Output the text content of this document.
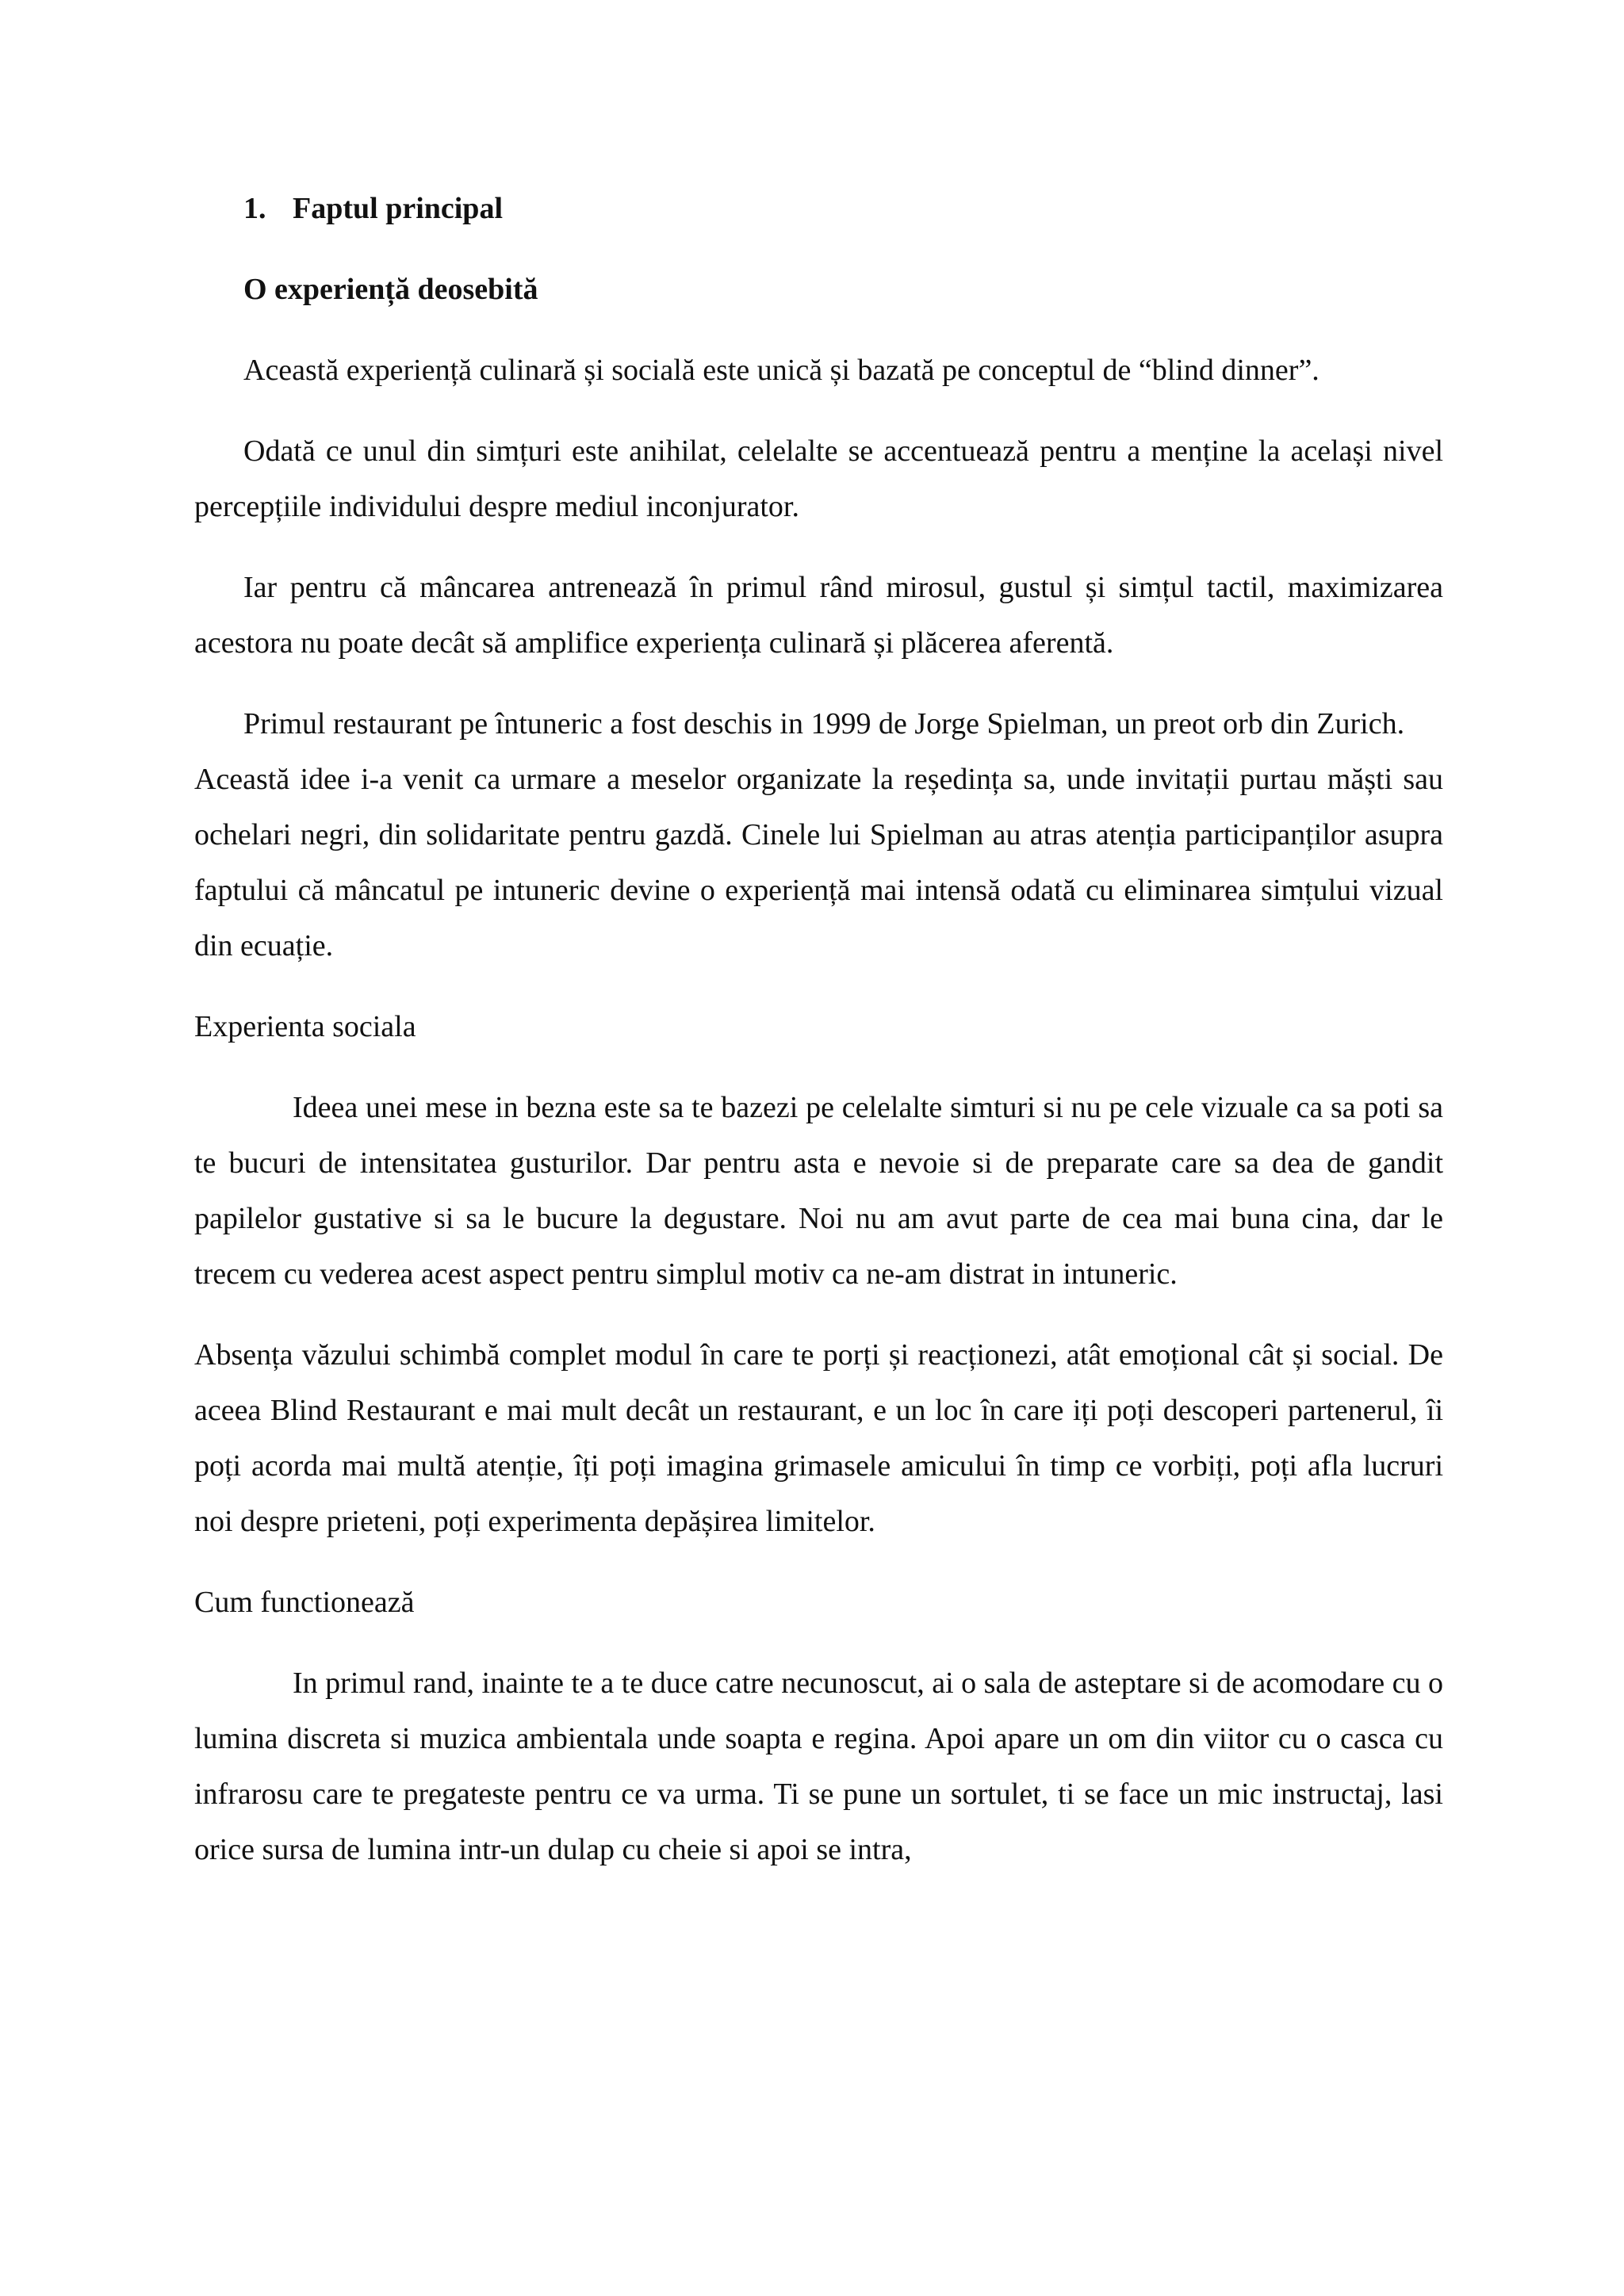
1. Faptul principal

O experiență deosebită

Această experiență culinară și socială este unică și bazată pe conceptul de “blind dinner”.

Odată ce unul din simțuri este anihilat, celelalte se accentuează pentru a menține la același nivel percepțiile individului despre mediul inconjurator.

Iar pentru că mâncarea antrenează în primul rând mirosul, gustul și simțul tactil, maximizarea acestora nu poate decât să amplifice experiența culinară și plăcerea aferentă.

Primul restaurant pe întuneric a fost deschis in 1999 de Jorge Spielman, un preot orb din Zurich.

Această idee i-a venit ca urmare a meselor organizate la reședința sa, unde invitații purtau măști sau ochelari negri, din solidaritate pentru gazdă. Cinele lui Spielman au atras atenția participanților asupra faptului că mâncatul pe intuneric devine o experiență mai intensă odată cu eliminarea simțului vizual din ecuație.

Experienta sociala

Ideea unei mese in bezna este sa te bazezi pe celelalte simturi si nu pe cele vizuale ca sa poti sa te bucuri de intensitatea gusturilor. Dar pentru asta e nevoie si de preparate care sa dea de gandit papilelor gustative si sa le bucure la degustare. Noi nu am avut parte de cea mai buna cina, dar le trecem cu vederea acest aspect pentru simplul motiv ca ne-am distrat in intuneric.

Absența văzului schimbă complet modul în care te porți și reacționezi, atât emoțional cât și social. De aceea Blind Restaurant e mai mult decât un restaurant, e un loc în care iți poți descoperi partenerul, îi poți acorda mai multă atenție, îți poți imagina grimasele amicului în timp ce vorbiți, poți afla lucruri noi despre prieteni, poți experimenta depășirea limitelor.

Cum functionează

In primul rand, inainte te a te duce catre necunoscut, ai o sala de asteptare si de acomodare cu o lumina discreta si muzica ambientala unde soapta e regina. Apoi apare un om din viitor cu o casca cu infrarosu care te pregateste pentru ce va urma. Ti se pune un sortulet, ti se face un mic instructaj, lasi orice sursa de lumina intr-un dulap cu cheie si apoi se intra,
